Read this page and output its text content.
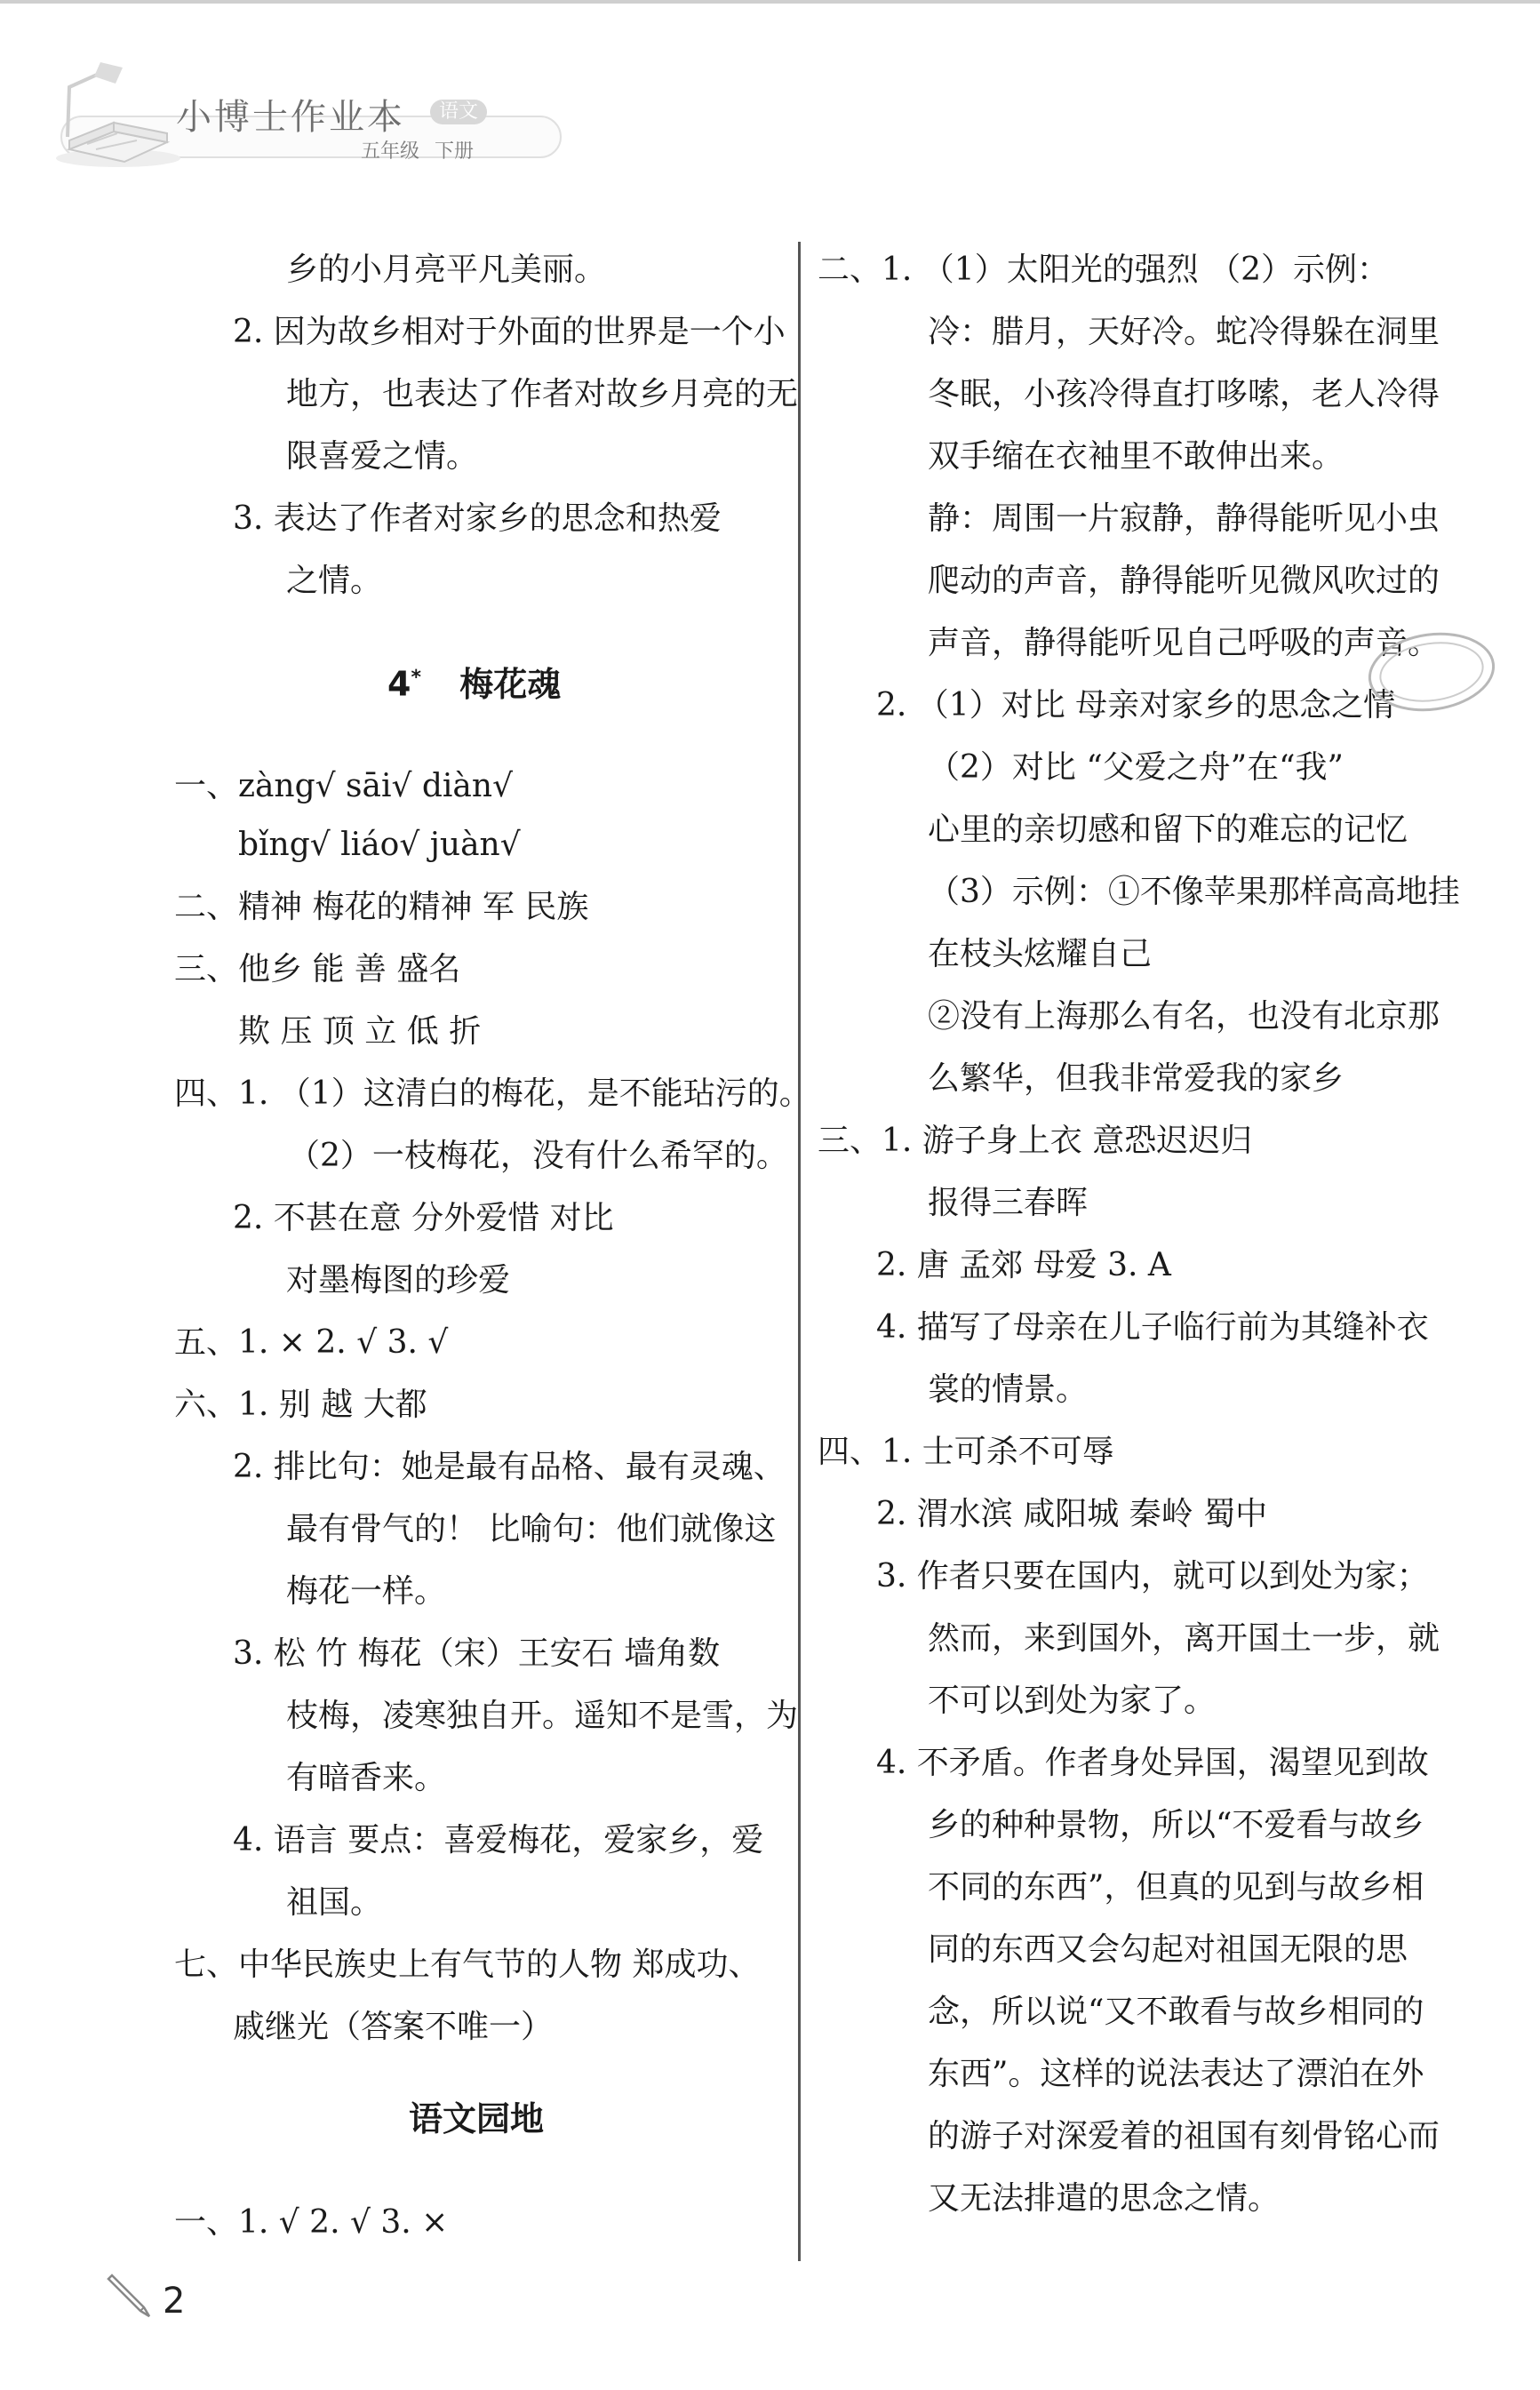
小博士作业本	语文
五年级 下册
乡的小月亮平凡美丽。
2. 因为故乡相对于外面的世界是一个小
地方，也表达了作者对故乡月亮的无
限喜爱之情。
3. 表达了作者对家乡的思念和热爱
之情。
4* 梅花魂
一、zàng√ sāi√ diàn√
bǐng√ liáo√ juàn√
二、精神 梅花的精神 军 民族
三、他乡 能 善 盛名
欺 压 顶 立 低 折
四、1. （1）这清白的梅花，是不能玷污的。
（2）一枝梅花，没有什么希罕的。
2. 不甚在意 分外爱惜 对比
对墨梅图的珍爱
五、1. × 2. √ 3. √
六、1. 别 越 大都
2. 排比句：她是最有品格、最有灵魂、
最有骨气的！ 比喻句：他们就像这
梅花一样。
3. 松 竹 梅花（宋）王安石 墙角数
枝梅，凌寒独自开。遥知不是雪，为
有暗香来。
4. 语言 要点：喜爱梅花，爱家乡，爱
祖国。
七、中华民族史上有气节的人物 郑成功、
戚继光（答案不唯一）
语文园地
一、1. √ 2. √ 3. ×
二、1. （1）太阳光的强烈 （2）示例：
冷：腊月，天好冷。蛇冷得躲在洞里
冬眠，小孩冷得直打哆嗦，老人冷得
双手缩在衣袖里不敢伸出来。
静：周围一片寂静，静得能听见小虫
爬动的声音，静得能听见微风吹过的
声音，静得能听见自己呼吸的声音。
2. （1）对比 母亲对家乡的思念之情
（2）对比 “父爱之舟”在“我”
心里的亲切感和留下的难忘的记忆
（3）示例：①不像苹果那样高高地挂
在枝头炫耀自己
②没有上海那么有名，也没有北京那
么繁华，但我非常爱我的家乡
三、1. 游子身上衣 意恐迟迟归
报得三春晖
2. 唐 孟郊 母爱 3. A
4. 描写了母亲在儿子临行前为其缝补衣
裳的情景。
四、1. 士可杀不可辱
2. 渭水滨 咸阳城 秦岭 蜀中
3. 作者只要在国内，就可以到处为家；
然而，来到国外，离开国土一步，就
不可以到处为家了。
4. 不矛盾。作者身处异国，渴望见到故
乡的种种景物，所以“不爱看与故乡
不同的东西”，但真的见到与故乡相
同的东西又会勾起对祖国无限的思
念，所以说“又不敢看与故乡相同的
东西”。这样的说法表达了漂泊在外
的游子对深爱着的祖国有刻骨铭心而
又无法排遣的思念之情。
2
